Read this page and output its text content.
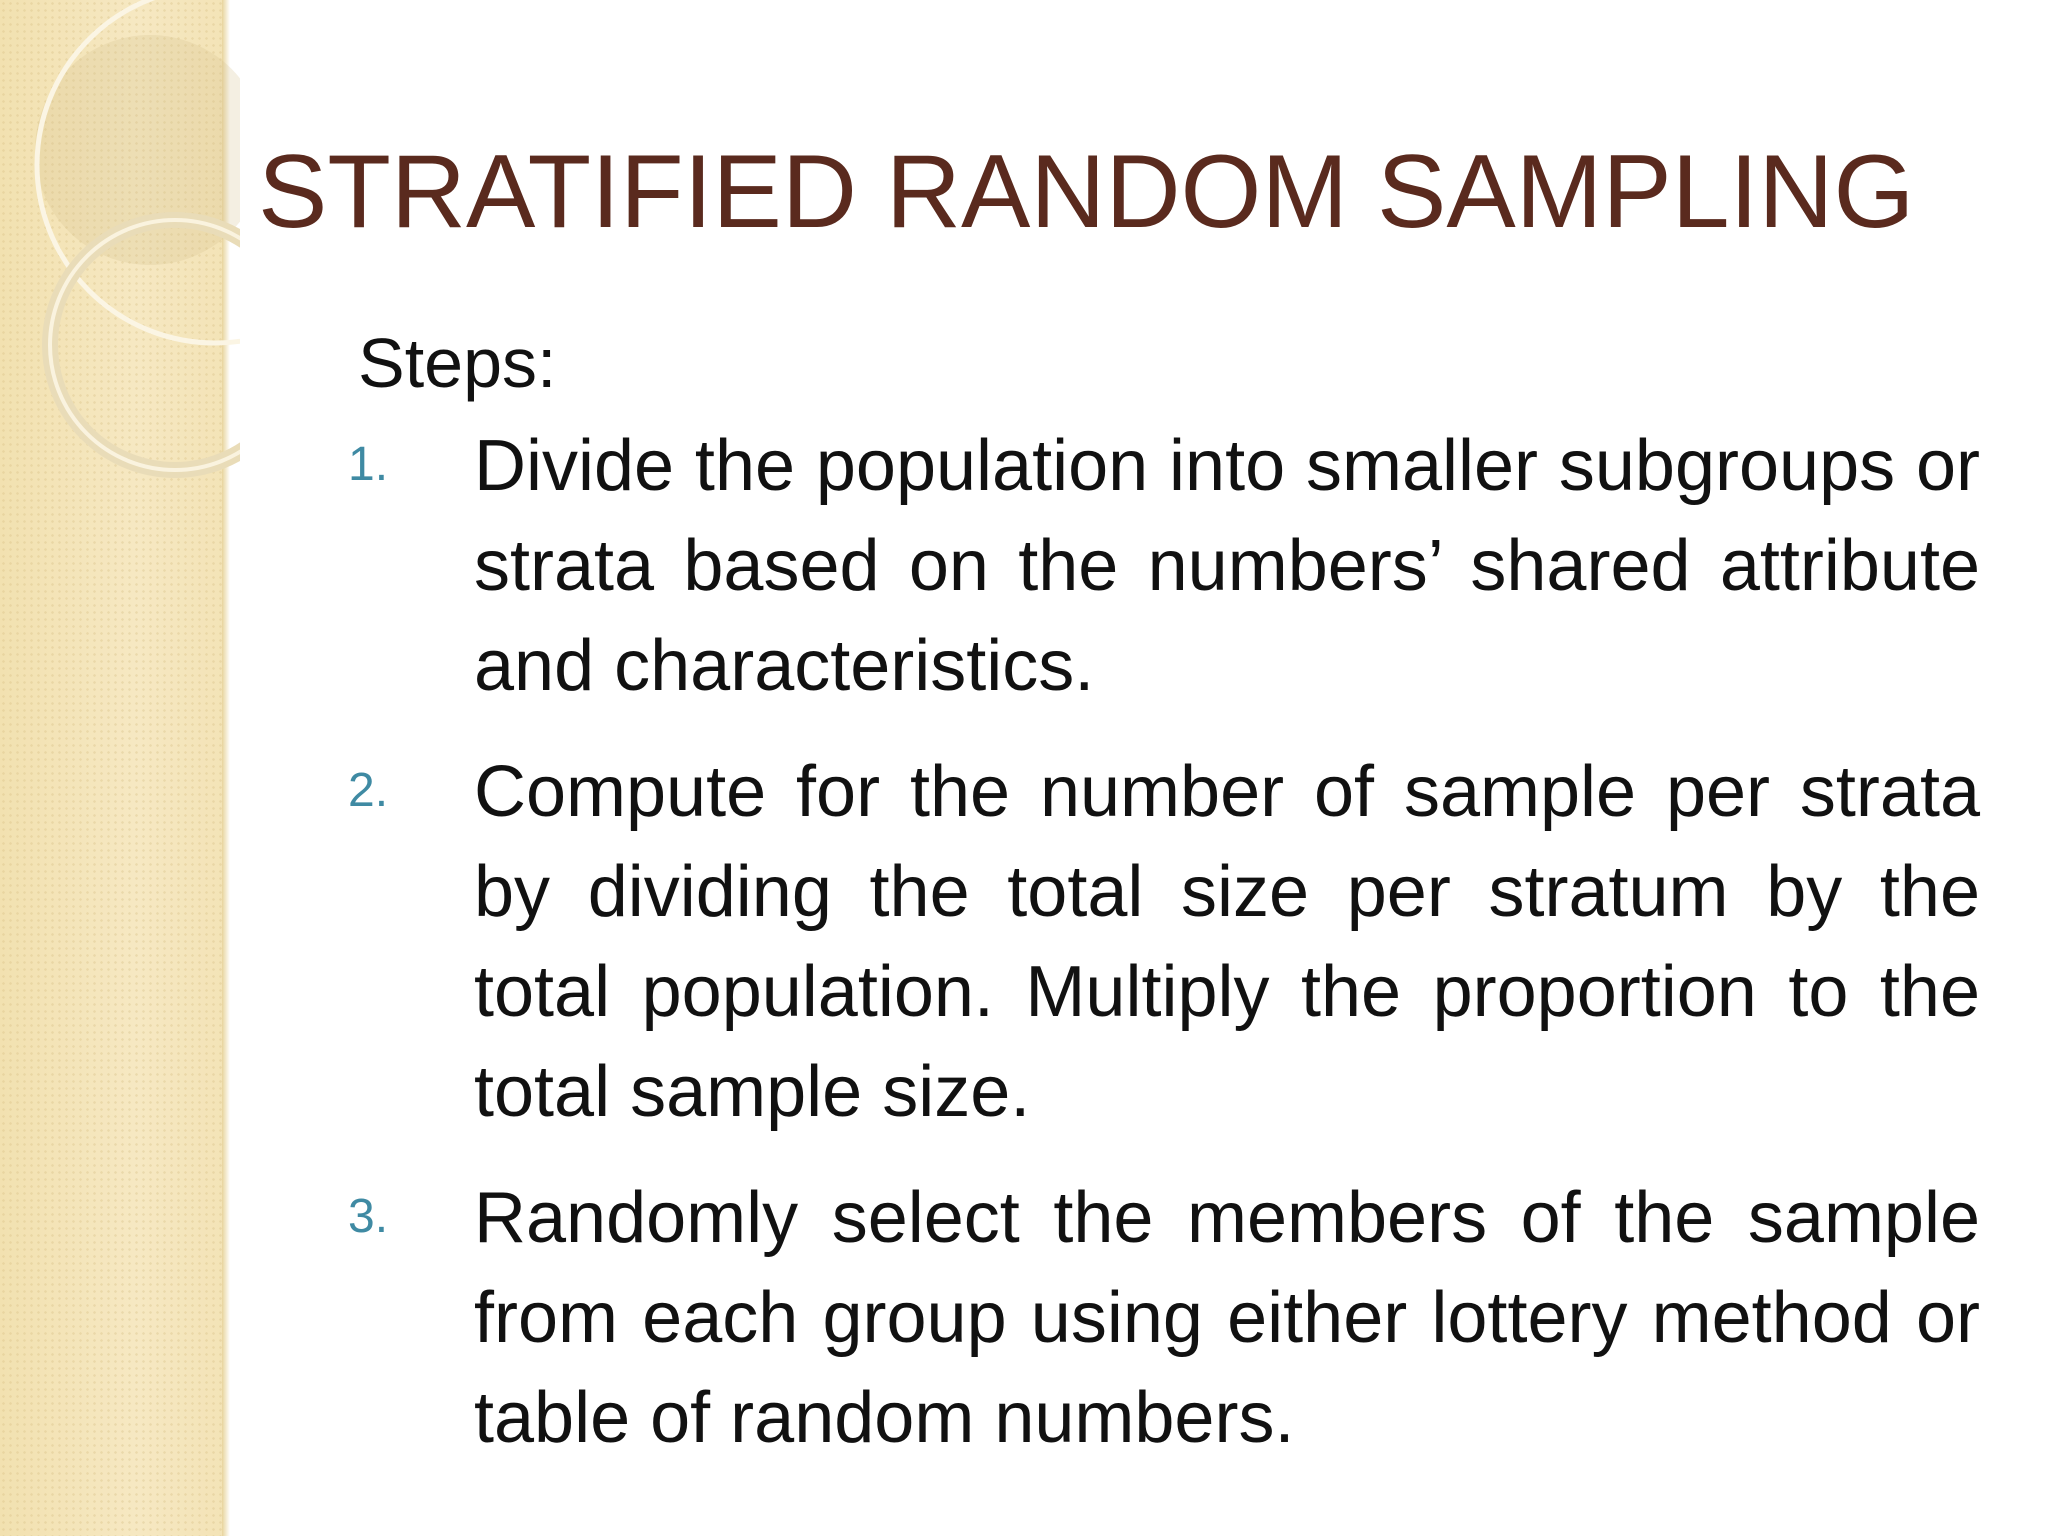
STRATIFIED RANDOM SAMPLING
Steps:
1. Divide the population into smaller subgroups or strata based on the numbers’ shared attribute and characteristics.
2. Compute for the number of sample per strata by dividing the total size per stratum by the total population. Multiply the proportion to the total sample size.
3. Randomly select the members of the sample from each group using either lottery method or table of random numbers.
